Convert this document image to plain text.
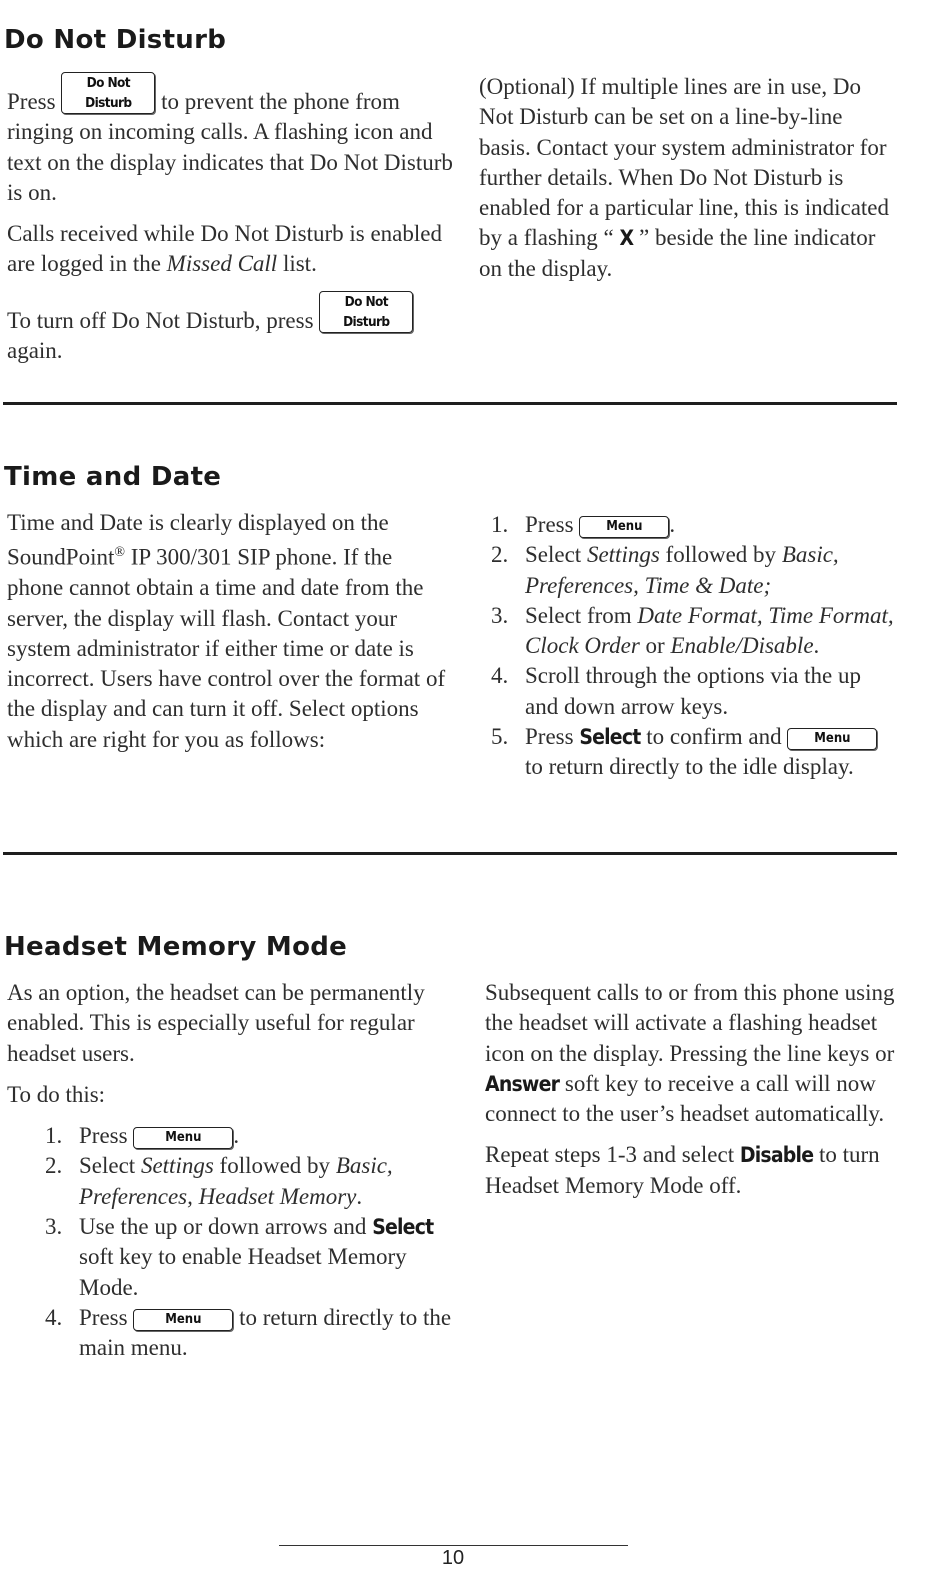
Do Not Disturb

Press Do Not Disturb to prevent the phone from ringing on incoming calls. A flashing icon and text on the display indicates that Do Not Disturb is on.

Calls received while Do Not Disturb is enabled are logged in the Missed Call list.

To turn off Do Not Disturb, press Do Not Disturb again.

(Optional) If multiple lines are in use, Do Not Disturb can be set on a line-by-line basis. Contact your system administrator for further details. When Do Not Disturb is enabled for a particular line, this is indicated by a flashing “ X ” beside the line indicator on the display.

Time and Date

Time and Date is clearly displayed on the SoundPoint® IP 300/301 SIP phone. If the phone cannot obtain a time and date from the server, the display will flash. Contact your system administrator if either time or date is incorrect. Users have control over the format of the display and can turn it off. Select options which are right for you as follows:

1. Press Menu .
2. Select Settings followed by Basic, Preferences, Time & Date;
3. Select from Date Format, Time Format, Clock Order or Enable/Disable.
4. Scroll through the options via the up and down arrow keys.
5. Press Select to confirm and Menu to return directly to the idle display.
Headset Memory Mode

As an option, the headset can be permanently enabled. This is especially useful for regular headset users.

To do this:

1. Press Menu .
2. Select Settings followed by Basic, Preferences, Headset Memory.
3. Use the up or down arrows and Select soft key to enable Headset Memory Mode.
4. Press Menu to return directly to the main menu.

Subsequent calls to or from this phone using the headset will activate a flashing headset icon on the display. Pressing the line keys or Answer soft key to receive a call will now connect to the user’s headset automatically.

Repeat steps 1-3 and select Disable to turn Headset Memory Mode off.

10
